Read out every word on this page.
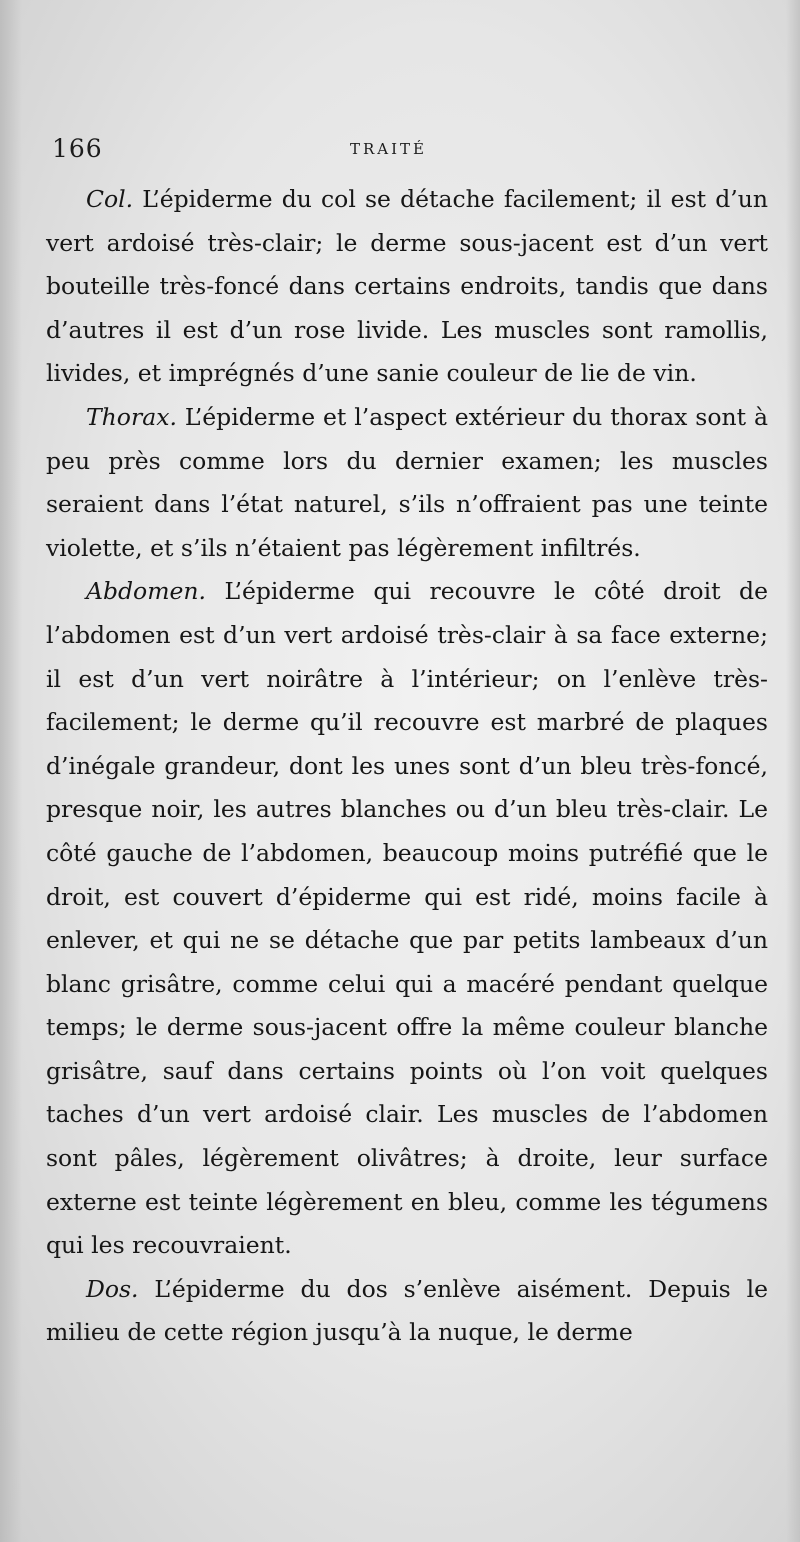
166	TRAITÉ

Col. L’épiderme du col se détache facilement; il est d’un vert ardoisé très-clair; le derme sous-jacent est d’un vert bouteille très-foncé dans certains endroits, tandis que dans d’autres il est d’un rose livide. Les muscles sont ramollis, livides, et imprégnés d’une sanie couleur de lie de vin.

Thorax. L’épiderme et l’aspect extérieur du thorax sont à peu près comme lors du dernier examen; les muscles seraient dans l’état naturel, s’ils n’offraient pas une teinte violette, et s’ils n’étaient pas légèrement infiltrés.

Abdomen. L’épiderme qui recouvre le côté droit de l’abdomen est d’un vert ardoisé très-clair à sa face externe; il est d’un vert noirâtre à l’intérieur; on l’enlève très-facilement; le derme qu’il recouvre est marbré de plaques d’inégale grandeur, dont les unes sont d’un bleu très-foncé, presque noir, les autres blanches ou d’un bleu très-clair. Le côté gauche de l’abdomen, beaucoup moins putréfié que le droit, est couvert d’épiderme qui est ridé, moins facile à enlever, et qui ne se détache que par petits lambeaux d’un blanc grisâtre, comme celui qui a macéré pendant quelque temps; le derme sous-jacent offre la même couleur blanche grisâtre, sauf dans certains points où l’on voit quelques taches d’un vert ardoisé clair. Les muscles de l’abdomen sont pâles, légèrement olivâtres; à droite, leur surface externe est teinte légèrement en bleu, comme les tégumens qui les recouvraient.

Dos. L’épiderme du dos s’enlève aisément. Depuis le milieu de cette région jusqu’à la nuque, le derme
